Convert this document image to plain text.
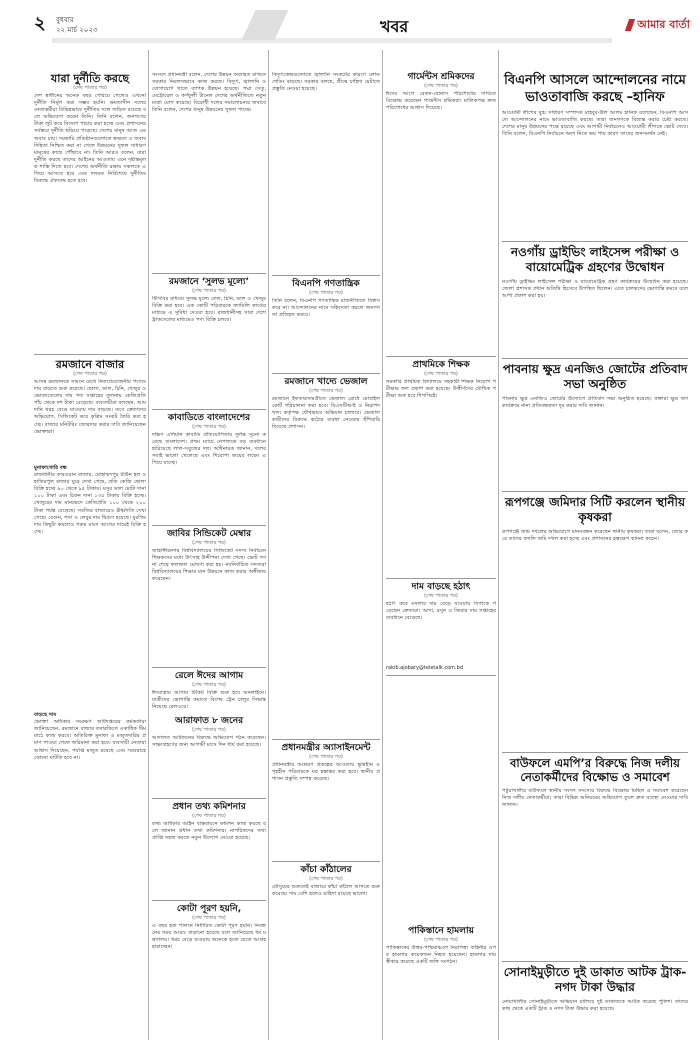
২	বুধবার
২২ মার্চ ২০২৩	খবর	আমার বার্তা
যারা দুর্নীতি করছে
(শেষ পাতার পর)
দেশ স্বাধীনের অনেক বছর পেরিয়ে গেলেও এখনো দুর্নীতি নির্মূল করা সম্ভব হয়নি। ক্ষমতাসীন দলের নেতাকর্মীরা বিভিন্নভাবে দুর্নীতির সঙ্গে জড়িত রয়েছে বলে অভিযোগ করেন তিনি। তিনি বলেন, জনগণের টাকা লুট করে বিদেশে পাচার করা হচ্ছে এবং প্রশাসনের সর্বস্তরে দুর্নীতি ছড়িয়ে পড়েছে। দেশের মানুষ আজ এর জবাব চায়। সরকারি প্রতিষ্ঠানগুলোতে স্বচ্ছতা ও জবাবদিহিতা নিশ্চিত করা না গেলে উন্নয়নের সুফল সাধারণ মানুষের কাছে পৌঁছাবে না। তিনি আরও বলেন, যারা দুর্নীতি করছে তাদের আইনের আওতায় এনে দৃষ্টান্তমূলক শাস্তি দিতে হবে। দেশের অর্থনীতি রক্ষায় সকলকে এগিয়ে আসতে হবে এবং দলমত নির্বিশেষে দুর্নীতির বিরুদ্ধে ঐক্যবদ্ধ হতে হবে।
রমজানে বাজার
(শেষ পাতার পর)
আসন্ন রমজানকে সামনে রেখে নিত্যপ্রয়োজনীয় পণ্যের দাম বাড়তে শুরু করেছে। ছোলা, ডাল, চিনি, খেজুর ও ভোজ্যতেলের দাম গত সপ্তাহের তুলনায় কেজিপ্রতি পাঁচ থেকে দশ টাকা বেড়েছে। ব্যবসায়ীরা বলছেন, আমদানি খরচ বেড়ে যাওয়ায় দাম বাড়ছে। তবে ক্রেতাদের অভিযোগ, সিন্ডিকেট করে কৃত্রিম সংকট তৈরি করা হচ্ছে। বাজার মনিটরিং জোরদার করার দাবি জানিয়েছেন ভোক্তারা।
মুনাফাখোরি বন্ধ
রাজধানীর কারওয়ান বাজার, মোহাম্মদপুর টাউন হল ও হাতিরপুল বাজার ঘুরে দেখা গেছে, প্রতি কেজি ছোলা বিক্রি হচ্ছে ৯০ থেকে ৯৫ টাকায়। মসুর ডাল মোটা দানা ১০০ টাকা এবং চিকন দানা ১৩৫ টাকায় বিক্রি হচ্ছে। খেজুরের দাম মানভেদে কেজিপ্রতি ১০০ থেকে ২০০ টাকা পর্যন্ত বেড়েছে। সবজির বাজারেও ঊর্ধ্বগতি দেখা গেছে। বেগুন, শসা ও লেবুর দাম দ্বিগুণ হয়েছে। মুরগির দাম কিছুটা কমলেও গরুর মাংস আগের দামেই বিক্রি হচ্ছে।
বাড়ছে দাম
ভোক্তা অধিকার সংরক্ষণ অধিদপ্তরের কর্মকর্তারা জানিয়েছেন, রমজানে বাজার তদারকিতে একাধিক টিম মাঠে কাজ করবে। অতিরিক্ত মুনাফা ও মজুতদারির প্রমাণ পাওয়া গেলে জরিমানা করা হবে। ব্যবসায়ী নেতারা আশ্বাস দিয়েছেন, পর্যাপ্ত মজুত রয়েছে এবং সরবরাহে কোনো ঘাটতি হবে না।
সংসদে প্রধানমন্ত্রী বলেন, দেশের উন্নয়ন অব্যাহত রাখতে সরকার নিরলসভাবে কাজ করছে। বিদ্যুৎ, জ্বালানি ও যোগাযোগ খাতে ব্যাপক উন্নয়ন হয়েছে। পদ্মা সেতু, মেট্রোরেল ও কর্ণফুলী টানেল দেশের অর্থনীতিতে নতুন মাত্রা যোগ করেছে। বিরোধী দলের সমালোচনার জবাবে তিনি বলেন, দেশের মানুষ উন্নয়নের সুফল পাচ্ছে।
রমজানে ‘সুলভ মূল্যে’
(শেষ পাতার পর)
টিসিবির মাধ্যমে সুলভ মূল্যে তেল, চিনি, ডাল ও খেজুর বিক্রি করা হবে। এক কোটি পরিবারকে ফ্যামিলি কার্ডের মাধ্যমে এ সুবিধা দেওয়া হবে। রাজধানীসহ সারা দেশে ট্রাকসেলের মাধ্যমেও পণ্য বিক্রি চলবে।
কাবাডিতে বাংলাদেশের
(শেষ পাতার পর)
দক্ষিণ এশিয়ান কাবাডি প্রতিযোগিতায় দুর্দান্ত সূচনা করেছে বাংলাদেশ। প্রথম ম্যাচে নেপালকে বড় ব্যবধানে হারিয়েছে লাল-সবুজের দল। অধিনায়ক জানান, দলের সবাই ভালো খেলেছে এবং শিরোপা জয়ের লক্ষ্যে এগিয়ে যাচ্ছে।
জাবির সিন্ডিকেট মেম্বার
(শেষ পাতার পর)
জাহাঙ্গীরনগর বিশ্ববিদ্যালয়ের সিন্ডিকেট সদস্য নির্বাচনে শিক্ষকদের মধ্যে উৎসাহ উদ্দীপনা দেখা গেছে। ভোট গণনা শেষে ফলাফল ঘোষণা করা হয়। নবনির্বাচিত সদস্যরা বিশ্ববিদ্যালয়ের শিক্ষার মান উন্নয়নে কাজ করার অঙ্গীকার করেছেন।
রেলে ঈদের আগাম
(শেষ পাতার পর)
ঈদযাত্রায় আগাম টিকিট বিক্রি শুরু হবে অনলাইনে। যাত্রীদের ভোগান্তি কমাতে বিশেষ ট্রেন চালুর সিদ্ধান্ত নিয়েছে রেলওয়ে।
আরাফাত ৮ জনের
(শেষ পাতার পর)
আদালত আটজনের বিরুদ্ধে অভিযোগ গঠন করেছেন। সাক্ষ্যগ্রহণের জন্য আগামী মাসে দিন ধার্য করা হয়েছে।
প্রধান তথ্য কমিশনার
(শেষ পাতার পর)
তথ্য অধিকার আইন বাস্তবায়নে কমিশন কাজ করছে বলে জানান প্রধান তথ্য কমিশনার। নাগরিকদের তথ্য প্রাপ্তি সহজ করতে নতুন উদ্যোগ নেওয়া হয়েছে।
কোটা পূরণ হয়নি,
(শেষ পাতার পর)
এ বছর হজ পালনে নির্ধারিত কোটা পূরণ হয়নি। নিবন্ধনের সময় আরও বাড়ানো হয়েছে বলে জানিয়েছে ধর্ম মন্ত্রণালয়। খরচ বেড়ে যাওয়ায় অনেকে হজে যেতে আগ্রহ হারাচ্ছেন।
বিদ্যুৎকেন্দ্রগুলোতে জ্বালানি সংকটের কারণে লোডশেডিং বাড়ছে। সরকার বলছে, গ্রীষ্মে চাহিদা মেটাতে প্রস্তুতি নেওয়া হয়েছে।
বিএনপি গণতান্ত্রিক
(শেষ পাতার পর)
তিনি বলেন, বিএনপি গণতান্ত্রিক রাজনীতিতে বিশ্বাস করে না। আন্দোলনের নামে সহিংসতা করলে জনগণ তা প্রতিহত করবে।
রমজানে খাদ্যে ভেজাল
(শেষ পাতার পর)
রমজানে ইফতারসামগ্রীতে ভেজাল রোধে মোবাইল কোর্ট পরিচালনা করা হবে। বিএসটিআই ও নিরাপদ খাদ্য কর্তৃপক্ষ যৌথভাবে অভিযান চালাবে। ভেজালকারীদের বিরুদ্ধে কঠোর ব্যবস্থা নেওয়ার হুঁশিয়ারি দিয়েছে প্রশাসন।
প্রধানমন্ত্রীর অ্যাসাইনমেন্ট
(শেষ পাতার পর)
প্রধানমন্ত্রীর আশ্রয়ণ প্রকল্পের আওতায় ভূমিহীন ও গৃহহীন পরিবারকে ঘর হস্তান্তর করা হবে। স্থানীয় প্রশাসন প্রস্তুতি সম্পন্ন করেছে।
কাঁচা কাঁঠালের
(শেষ পাতার পর)
মৌসুমের শুরুতেই বাজারে কাঁচা কাঁঠাল আসতে শুরু করেছে। দাম বেশি হলেও চাহিদা রয়েছে ভালো।
গার্মেন্টস শ্রমিকদের
(শেষ পাতার পর)
ঈদের আগে বেতন-বোনাস পরিশোধের দাবিতে বিক্ষোভ করেছেন গার্মেন্টস শ্রমিকরা। মালিকপক্ষ দ্রুত পরিশোধের আশ্বাস দিয়েছে।
প্রাথমিকে শিক্ষক
(শেষ পাতার পর)
সরকারি প্রাথমিক বিদ্যালয়ে সহকারী শিক্ষক নিয়োগ পরীক্ষার ফল প্রকাশ করা হয়েছে। উত্তীর্ণদের মৌখিক পরীক্ষা শুরু হবে শিগগিরই।
দাম বাড়ছে হঠাৎ
(শেষ পাতার পর)
হঠাৎ করে মসলার দাম বেড়ে যাওয়ায় বিপাকে পড়েছেন ক্রেতারা। আদা, রসুন ও জিরার দাম সপ্তাহের ব্যবধানে বেড়েছে।
rakib.ajobary@teletalk.com.bd
পাকিস্তানে হামলায়
(শেষ পাতার পর)
পাকিস্তানের উত্তর-পশ্চিমাঞ্চলে নিরাপত্তা বাহিনীর ওপর হামলায় কয়েকজন নিহত হয়েছেন। হামলার দায় স্বীকার করেছে একটি জঙ্গি সংগঠন।
বিএনপি আসলে আন্দোলনের নামে ভাওতাবাজি করছে –হানিফ
আওয়ামী লীগের যুগ্ম সাধারণ সম্পাদক মাহবুব-উল আলম হানিফ বলেছেন, বিএনপি আসলে আন্দোলনের নামে ভাওতাবাজি করছে। তারা জনগণকে বিভ্রান্ত করার চেষ্টা করছে। দেশের মানুষ উন্নয়নের পক্ষে রয়েছে এবং আগামী নির্বাচনেও আওয়ামী লীগকে ভোট দেবে। তিনি বলেন, বিএনপি নির্বাচনে অংশ নিতে ভয় পায় কারণ তাদের জনসমর্থন নেই।
নওগাঁয় ড্রাইভিং লাইসেন্স পরীক্ষা ও বায়োমেট্রিক গ্রহণের উদ্বোধন
নওগাঁয় ড্রাইভিং লাইসেন্স পরীক্ষা ও বায়োমেট্রিক গ্রহণ কার্যক্রমের উদ্বোধন করা হয়েছে। জেলা প্রশাসক প্রধান অতিথি হিসেবে উপস্থিত ছিলেন। এতে চালকদের ভোগান্তি কমবে বলে আশা প্রকাশ করা হয়।
পাবনায় ক্ষুদ্র এনজিও জোটের প্রতিবাদ সভা অনুষ্ঠিত
পাবনায় ক্ষুদ্র এনজিও জোটের উদ্যোগে প্রতিবাদ সভা অনুষ্ঠিত হয়েছে। বক্তারা ক্ষুদ্র ঋণ কার্যক্রমে নানা প্রতিবন্ধকতা দূর করার দাবি জানান।
রূপগঞ্জে জমিদার সিটি করলেন স্থানীয় কৃষকরা
রূপগঞ্জে জমি দখলের অভিযোগে মানববন্ধন করেছেন স্থানীয় কৃষকরা। তারা বলেন, জোর করে তাদের ফসলি জমি দখল করা হচ্ছে এবং প্রশাসনের হস্তক্ষেপ কামনা করেন।
বাউফলে এমপি’র বিরুদ্ধে নিজ দলীয় নেতাকর্মীদের বিক্ষোভ ও সমাবেশ
পটুয়াখালীর বাউফলে স্থানীয় সংসদ সদস্যের বিরুদ্ধে বিক্ষোভ মিছিল ও সমাবেশ করেছেন নিজ দলীয় নেতাকর্মীরা। তারা বিভিন্ন অনিয়মের অভিযোগ তুলে দ্রুত ব্যবস্থা নেওয়ার দাবি জানান।
সোনাইমুড়ীতে দুই ডাকাত আটক ট্রাক-নগদ টাকা উদ্ধার
নোয়াখালীর সোনাইমুড়ীতে অভিযান চালিয়ে দুই ডাকাতকে আটক করেছে পুলিশ। তাদের কাছ থেকে একটি ট্রাক ও নগদ টাকা উদ্ধার করা হয়েছে।
